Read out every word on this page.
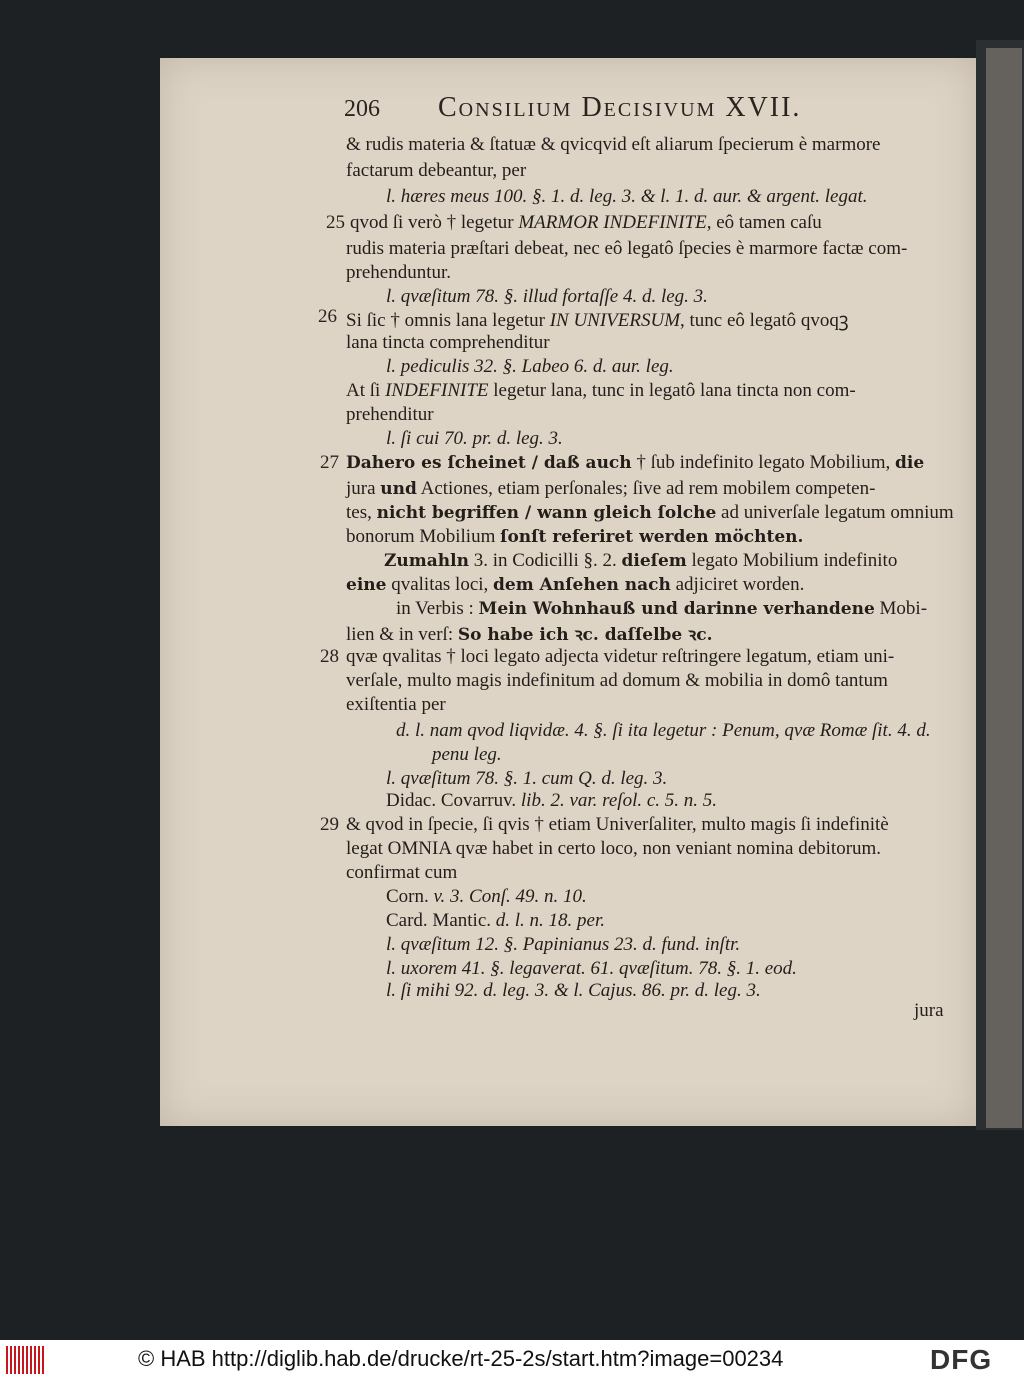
206 Consilium Decisivum XVII.
& rudis materia & ſtatuæ & qvicqvid eſt aliarum ſpecierum è marmore
factarum debeantur, per
l. hæres meus 100. §. 1. d. leg. 3. & l. 1. d. aur. & argent. legat.
25 qvod ſi verò † legetur MARMOR INDEFINITE, eô tamen caſu
rudis materia præſtari debeat, nec eô legatô ſpecies è marmore factæ com-
prehenduntur.
l. qvæſitum 78. §. illud fortaſſe 4. d. leg. 3.
26 Si ſic † omnis lana legetur IN UNIVERSUM, tunc eô legatô qvoqꝫ
lana tincta comprehenditur
l. pediculis 32. §. Labeo 6. d. aur. leg.
At ſi INDEFINITE legetur lana, tunc in legatô lana tincta non com-
prehenditur
l. ſi cui 70. pr. d. leg. 3.
27 Dahero es ſcheinet / daß auch † ſub indefinito legato Mobilium, die
jura und Actiones, etiam perſonales; ſive ad rem mobilem competen-
tes, nicht begriffen / wann gleich ſolche ad univerſale legatum omnium
bonorum Mobilium ſonſt referiret werden möchten.
Zumahln 3. in Codicilli §. 2. dieſem legato Mobilium indefinito
eine qvalitas loci, dem Anſehen nach adjiciret worden.
in Verbis : Mein Wohnhauß und darinne verhandene Mobi-
lien & in verſ: So habe ich ꝛc. daſſelbe ꝛc.
28 qvæ qvalitas † loci legato adjecta videtur reſtringere legatum, etiam uni-
verſale, multo magis indefinitum ad domum & mobilia in domô tantum
exiſtentia per
d. l. nam qvod liqvidæ. 4. §. ſi ita legetur : Penum, qvæ Romæ ſit. 4. d.
penu leg.
l. qvæſitum 78. §. 1. cum Q. d. leg. 3.
Didac. Covarruv. lib. 2. var. reſol. c. 5. n. 5.
29 & qvod in ſpecie, ſi qvis † etiam Univerſaliter, multo magis ſi indefinitè
legat OMNIA qvæ habet in certo loco, non veniant nomina debitorum.
confirmat cum
Corn. v. 3. Conſ. 49. n. 10.
Card. Mantic. d. l. n. 18. per.
l. qvæſitum 12. §. Papinianus 23. d. fund. inſtr.
l. uxorem 41. §. legaverat. 61. qvæſitum. 78. §. 1. eod.
l. ſi mihi 92. d. leg. 3. & l. Cajus. 86. pr. d. leg. 3.
jura
© HAB http://diglib.hab.de/drucke/rt-25-2s/start.htm?image=00234	DFG
